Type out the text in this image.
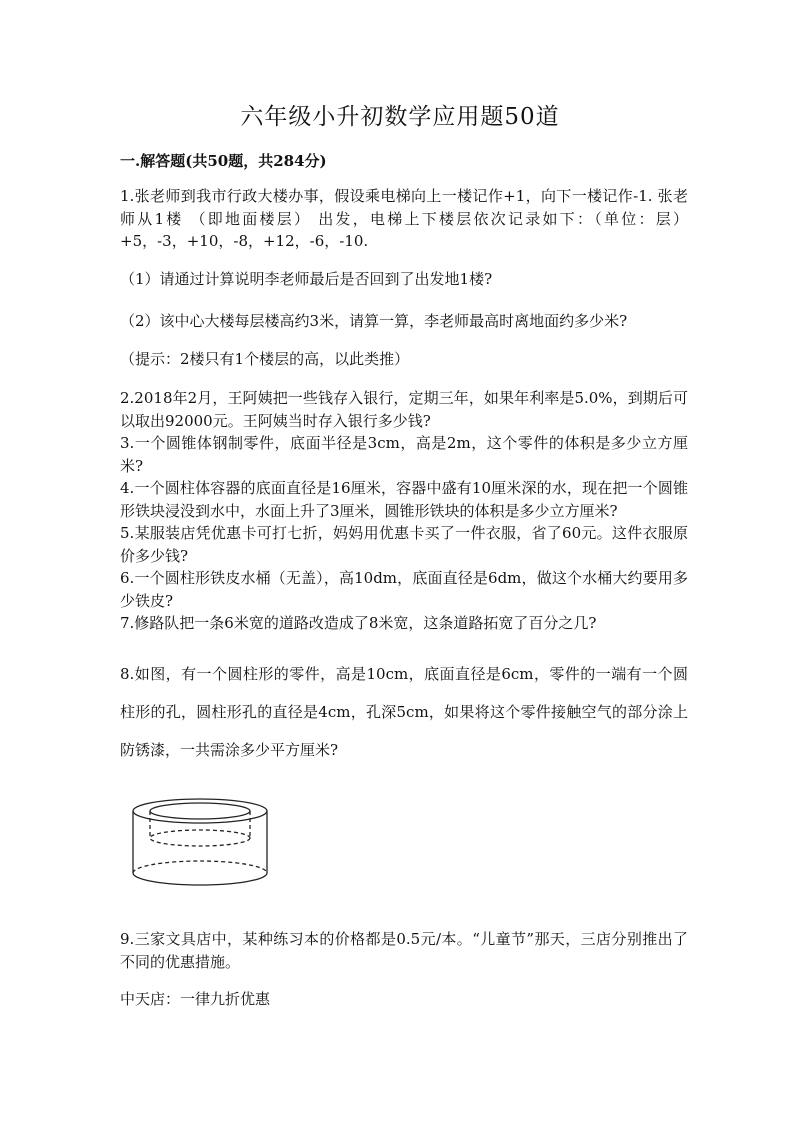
六年级小升初数学应用题50道
一.解答题(共50题，共284分)

1.张老师到我市行政大楼办事，假设乘电梯向上一楼记作+1，向下一楼记作-1. 张老师从1楼 （即地面楼层） 出发，电梯上下楼层依次记录如下：（单位：层）+5，-3，+10，-8，+12，-6，-10.

（1）请通过计算说明李老师最后是否回到了出发地1楼?
（2）该中心大楼每层楼高约3米，请算一算，李老师最高时离地面约多少米?
（提示：2楼只有1个楼层的高，以此类推）

2.2018年2月，王阿姨把一些钱存入银行，定期三年，如果年利率是5.0%，到期后可以取出92000元。王阿姨当时存入银行多少钱?

3.一个圆锥体钢制零件，底面半径是3cm，高是2m，这个零件的体积是多少立方厘米?

4.一个圆柱体容器的底面直径是16厘米，容器中盛有10厘米深的水，现在把一个圆锥形铁块浸没到水中，水面上升了3厘米，圆锥形铁块的体积是多少立方厘米?

5.某服装店凭优惠卡可打七折，妈妈用优惠卡买了一件衣服，省了60元。这件衣服原价多少钱?

6.一个圆柱形铁皮水桶（无盖），高10dm，底面直径是6dm，做这个水桶大约要用多少铁皮?

7.修路队把一条6米宽的道路改造成了8米宽，这条道路拓宽了百分之几?

8.如图，有一个圆柱形的零件，高是10cm，底面直径是6cm，零件的一端有一个圆柱形的孔，圆柱形孔的直径是4cm，孔深5cm，如果将这个零件接触空气的部分涂上防锈漆，一共需涂多少平方厘米?
9.三家文具店中，某种练习本的价格都是0.5元/本。“儿童节”那天，三店分别推出了不同的优惠措施。
中天店：一律九折优惠
